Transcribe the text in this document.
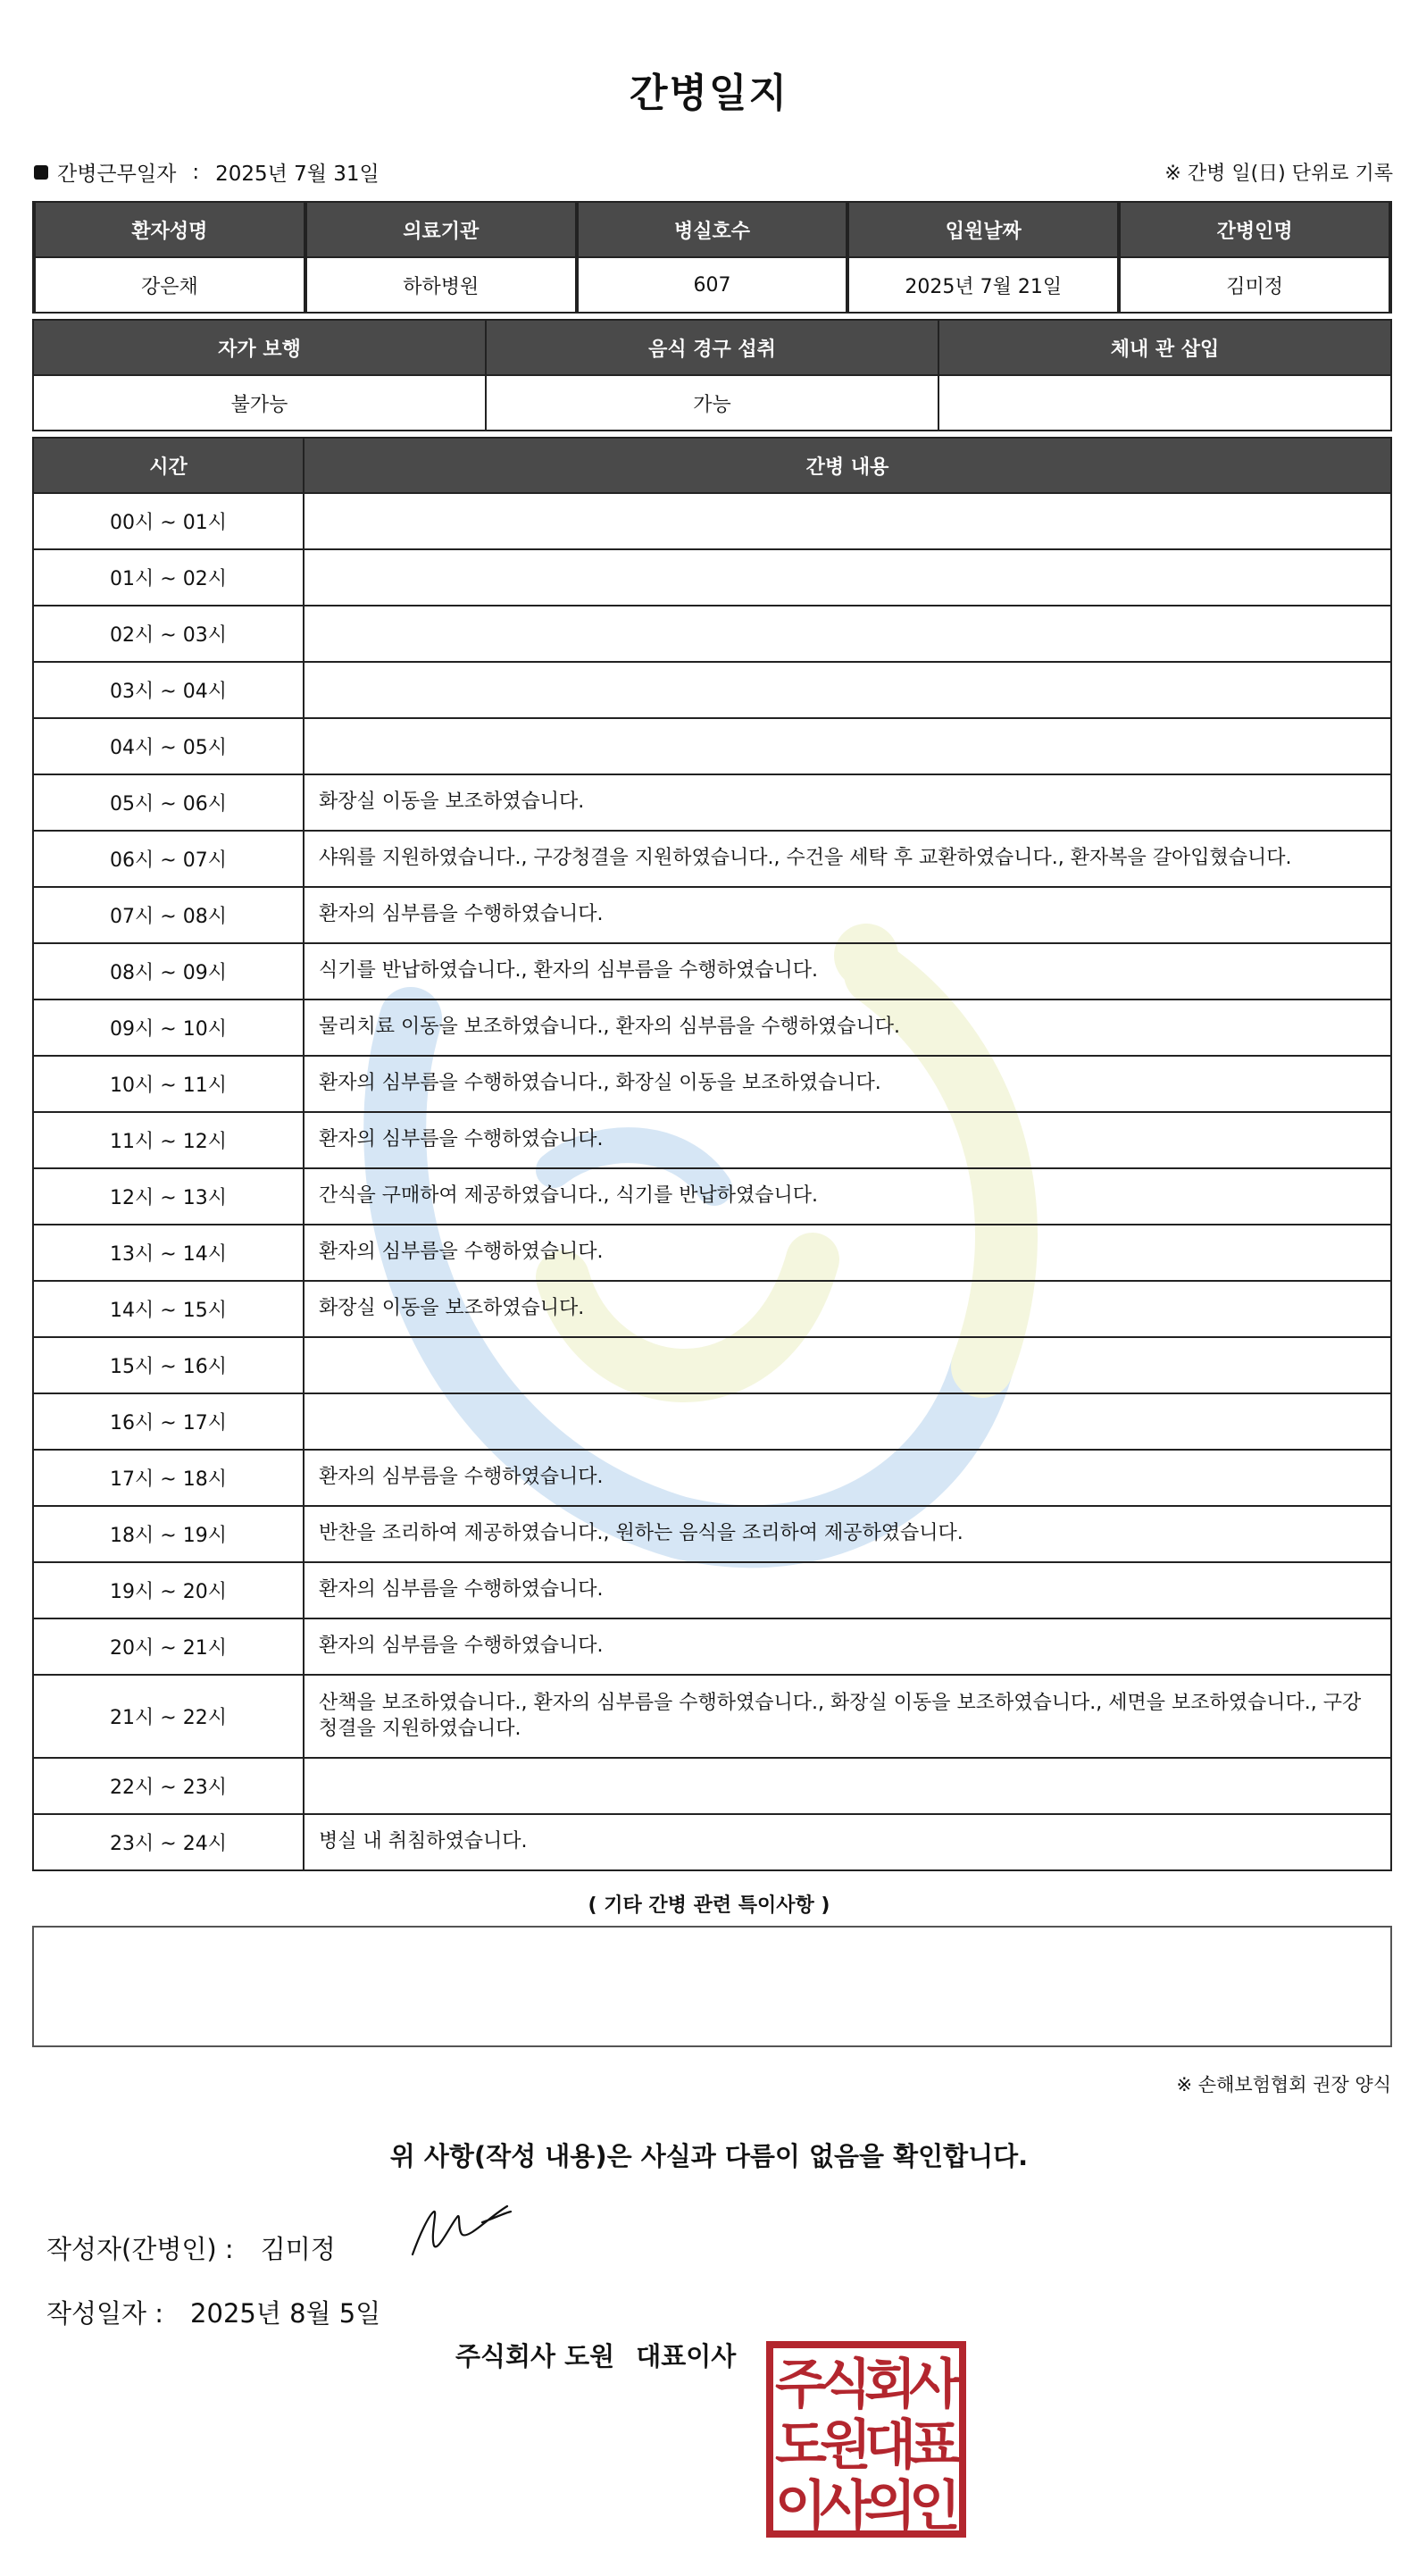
간병일지
간병근무일자 : 2025년 7월 31일	※ 간병 일(日) 단위로 기록
환자성명	의료기관	병실호수	입원날짜	간병인명
강은채	하하병원	607	2025년 7월 21일	김미정
자가 보행	음식 경구 섭취	체내 관 삽입
불가능	가능	
시간	간병 내용
00시 ~ 01시	
01시 ~ 02시	
02시 ~ 03시	
03시 ~ 04시	
04시 ~ 05시	
05시 ~ 06시	화장실 이동을 보조하였습니다.
06시 ~ 07시	샤워를 지원하였습니다., 구강청결을 지원하였습니다., 수건을 세탁 후 교환하였습니다., 환자복을 갈아입혔습니다.
07시 ~ 08시	환자의 심부름을 수행하였습니다.
08시 ~ 09시	식기를 반납하였습니다., 환자의 심부름을 수행하였습니다.
09시 ~ 10시	물리치료 이동을 보조하였습니다., 환자의 심부름을 수행하였습니다.
10시 ~ 11시	환자의 심부름을 수행하였습니다., 화장실 이동을 보조하였습니다.
11시 ~ 12시	환자의 심부름을 수행하였습니다.
12시 ~ 13시	간식을 구매하여 제공하였습니다., 식기를 반납하였습니다.
13시 ~ 14시	환자의 심부름을 수행하였습니다.
14시 ~ 15시	화장실 이동을 보조하였습니다.
15시 ~ 16시	
16시 ~ 17시	
17시 ~ 18시	환자의 심부름을 수행하였습니다.
18시 ~ 19시	반찬을 조리하여 제공하였습니다., 원하는 음식을 조리하여 제공하였습니다.
19시 ~ 20시	환자의 심부름을 수행하였습니다.
20시 ~ 21시	환자의 심부름을 수행하였습니다.
21시 ~ 22시	산책을 보조하였습니다., 환자의 심부름을 수행하였습니다., 화장실 이동을 보조하였습니다., 세면을 보조하였습니다., 구강청결을 지원하였습니다.
22시 ~ 23시	
23시 ~ 24시	병실 내 취침하였습니다.
( 기타 간병 관련 특이사항 )
※ 손해보험협회 권장 양식
위 사항(작성 내용)은 사실과 다름이 없음을 확인합니다.
작성자(간병인) : 김미정
작성일자 : 2025년 8월 5일
주식회사 도원 대표이사 주
식
회
사
도
원
대
표
이
사
의
인
